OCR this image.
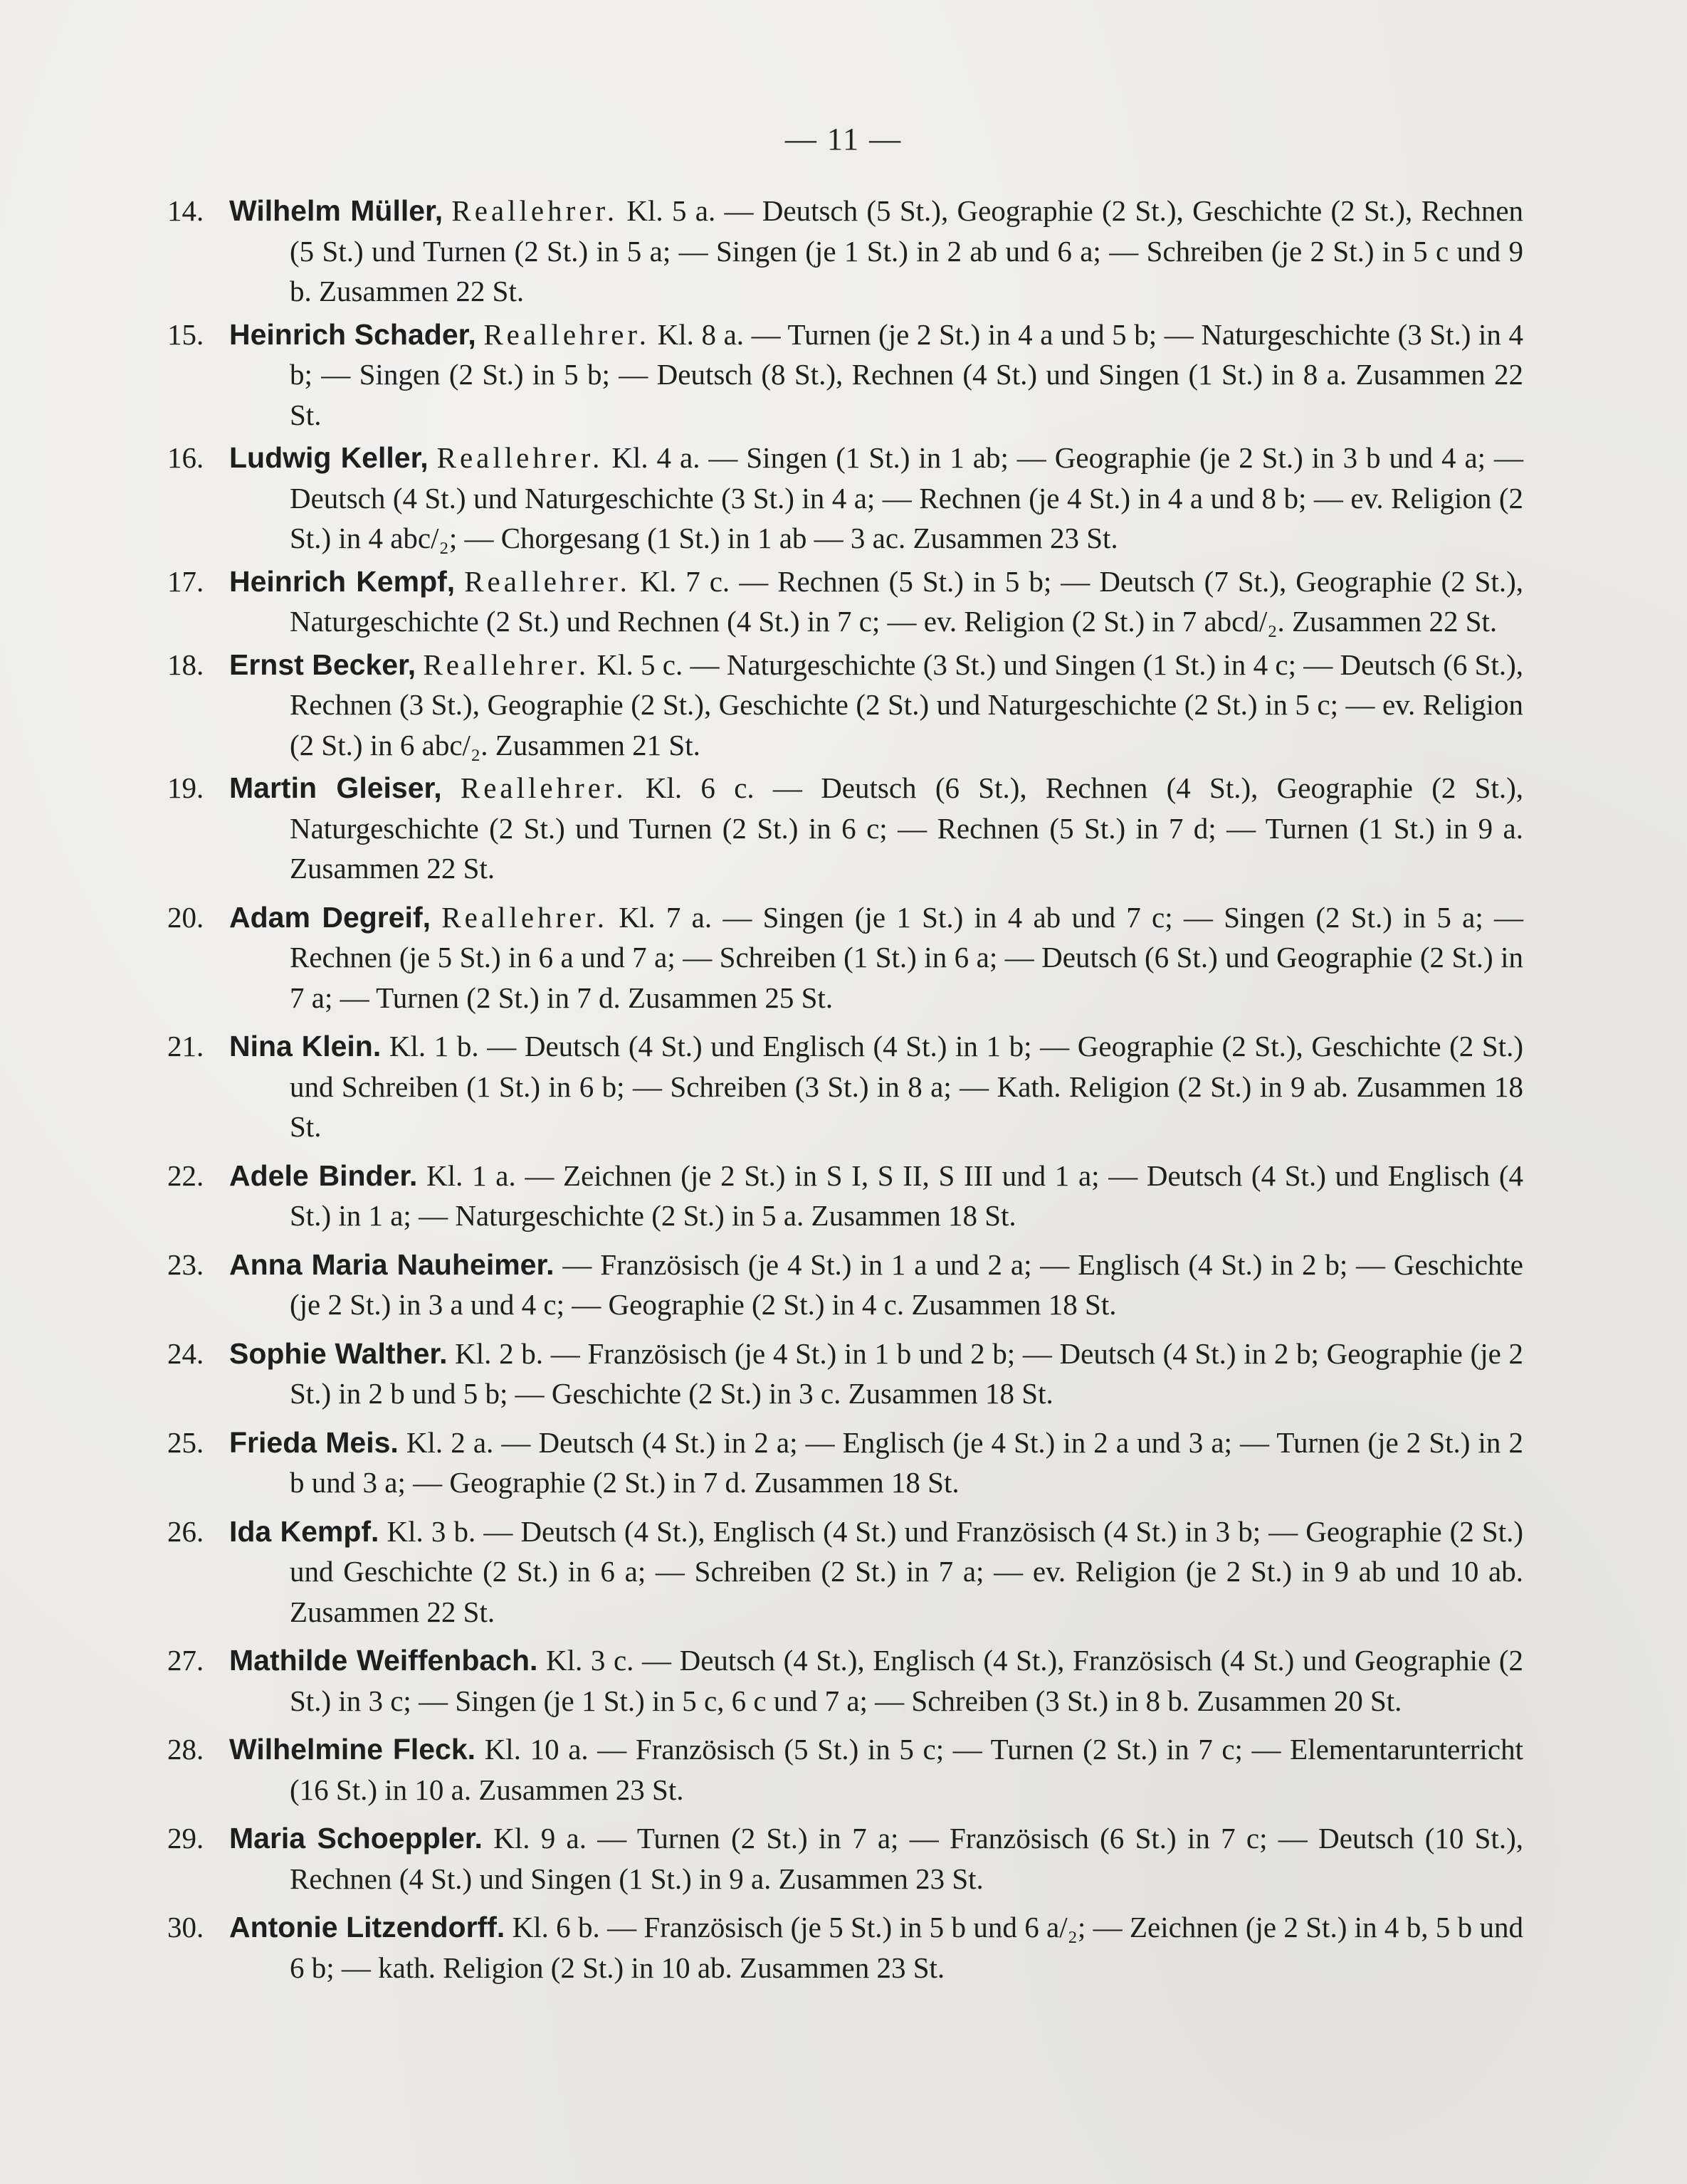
— 11 —
14. Wilhelm Müller, Reallehrer. Kl. 5 a. — Deutsch (5 St.), Geographie (2 St.), Geschichte (2 St.), Rechnen (5 St.) und Turnen (2 St.) in 5 a; — Singen (je 1 St.) in 2 ab und 6 a; — Schreiben (je 2 St.) in 5 c und 9 b. Zusammen 22 St.
15. Heinrich Schader, Reallehrer. Kl. 8 a. — Turnen (je 2 St.) in 4 a und 5 b; — Naturgeschichte (3 St.) in 4 b; — Singen (2 St.) in 5 b; — Deutsch (8 St.), Rechnen (4 St.) und Singen (1 St.) in 8 a. Zusammen 22 St.
16. Ludwig Keller, Reallehrer. Kl. 4 a. — Singen (1 St.) in 1 ab; — Geographie (je 2 St.) in 3 b und 4 a; — Deutsch (4 St.) und Naturgeschichte (3 St.) in 4 a; — Rechnen (je 4 St.) in 4 a und 8 b; — ev. Religion (2 St.) in 4 abc/₂; — Chorgesang (1 St.) in 1 ab — 3 ac. Zusammen 23 St.
17. Heinrich Kempf, Reallehrer. Kl. 7 c. — Rechnen (5 St.) in 5 b; — Deutsch (7 St.), Geographie (2 St.), Naturgeschichte (2 St.) und Rechnen (4 St.) in 7 c; — ev. Religion (2 St.) in 7 abcd/₂. Zusammen 22 St.
18. Ernst Becker, Reallehrer. Kl. 5 c. — Naturgeschichte (3 St.) und Singen (1 St.) in 4 c; — Deutsch (6 St.), Rechnen (3 St.), Geographie (2 St.), Geschichte (2 St.) und Naturgeschichte (2 St.) in 5 c; — ev. Religion (2 St.) in 6 abc/₂. Zusammen 21 St.
19. Martin Gleiser, Reallehrer. Kl. 6 c. — Deutsch (6 St.), Rechnen (4 St.), Geographie (2 St.), Naturgeschichte (2 St.) und Turnen (2 St.) in 6 c; — Rechnen (5 St.) in 7 d; — Turnen (1 St.) in 9 a. Zusammen 22 St.
20. Adam Degreif, Reallehrer. Kl. 7 a. — Singen (je 1 St.) in 4 ab und 7 c; — Singen (2 St.) in 5 a; — Rechnen (je 5 St.) in 6 a und 7 a; — Schreiben (1 St.) in 6 a; — Deutsch (6 St.) und Geographie (2 St.) in 7 a; — Turnen (2 St.) in 7 d. Zusammen 25 St.
21. Nina Klein. Kl. 1 b. — Deutsch (4 St.) und Englisch (4 St.) in 1 b; — Geographie (2 St.), Geschichte (2 St.) und Schreiben (1 St.) in 6 b; — Schreiben (3 St.) in 8 a; — Kath. Religion (2 St.) in 9 ab. Zusammen 18 St.
22. Adele Binder. Kl. 1 a. — Zeichnen (je 2 St.) in S I, S II, S III und 1 a; — Deutsch (4 St.) und Englisch (4 St.) in 1 a; — Naturgeschichte (2 St.) in 5 a. Zusammen 18 St.
23. Anna Maria Nauheimer. — Französisch (je 4 St.) in 1 a und 2 a; — Englisch (4 St.) in 2 b; — Geschichte (je 2 St.) in 3 a und 4 c; — Geographie (2 St.) in 4 c. Zusammen 18 St.
24. Sophie Walther. Kl. 2 b. — Französisch (je 4 St.) in 1 b und 2 b; — Deutsch (4 St.) in 2 b; Geographie (je 2 St.) in 2 b und 5 b; — Geschichte (2 St.) in 3 c. Zusammen 18 St.
25. Frieda Meis. Kl. 2 a. — Deutsch (4 St.) in 2 a; — Englisch (je 4 St.) in 2 a und 3 a; — Turnen (je 2 St.) in 2 b und 3 a; — Geographie (2 St.) in 7 d. Zusammen 18 St.
26. Ida Kempf. Kl. 3 b. — Deutsch (4 St.), Englisch (4 St.) und Französisch (4 St.) in 3 b; — Geographie (2 St.) und Geschichte (2 St.) in 6 a; — Schreiben (2 St.) in 7 a; — ev. Religion (je 2 St.) in 9 ab und 10 ab. Zusammen 22 St.
27. Mathilde Weiffenbach. Kl. 3 c. — Deutsch (4 St.), Englisch (4 St.), Französisch (4 St.) und Geographie (2 St.) in 3 c; — Singen (je 1 St.) in 5 c, 6 c und 7 a; — Schreiben (3 St.) in 8 b. Zusammen 20 St.
28. Wilhelmine Fleck. Kl. 10 a. — Französisch (5 St.) in 5 c; — Turnen (2 St.) in 7 c; — Elementarunterricht (16 St.) in 10 a. Zusammen 23 St.
29. Maria Schoeppler. Kl. 9 a. — Turnen (2 St.) in 7 a; — Französisch (6 St.) in 7 c; — Deutsch (10 St.), Rechnen (4 St.) und Singen (1 St.) in 9 a. Zusammen 23 St.
30. Antonie Litzendorff. Kl. 6 b. — Französisch (je 5 St.) in 5 b und 6 a/₂; — Zeichnen (je 2 St.) in 4 b, 5 b und 6 b; — kath. Religion (2 St.) in 10 ab. Zusammen 23 St.
